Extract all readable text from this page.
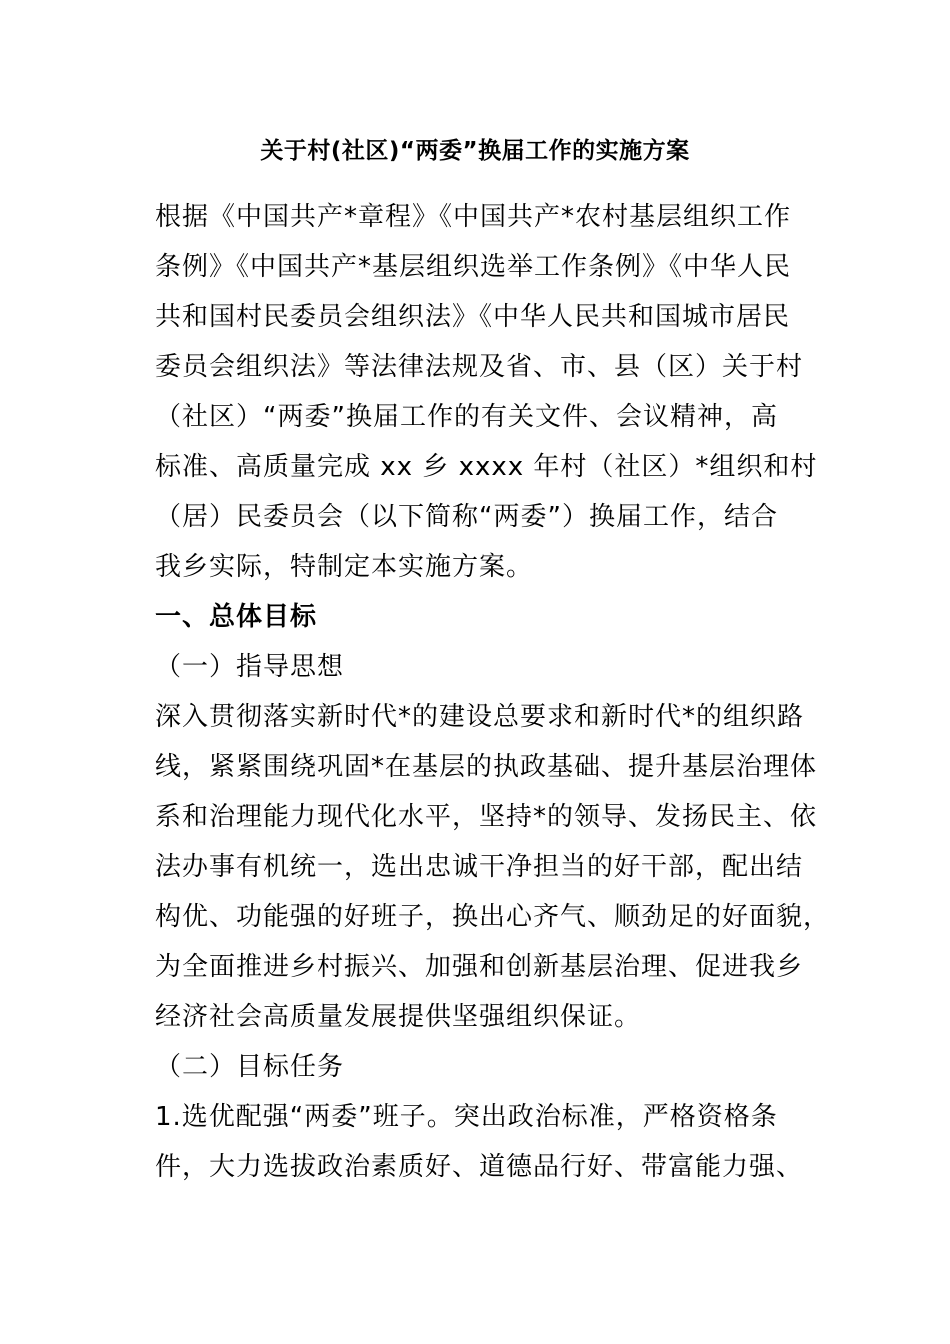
关于村(社区)“两委”换届工作的实施方案
根据《中国共产*章程》《中国共产*农村基层组织工作
条例》《中国共产*基层组织选举工作条例》《中华人民
共和国村民委员会组织法》《中华人民共和国城市居民
委员会组织法》等法律法规及省、市、县（区）关于村
（社区）“两委”换届工作的有关文件、会议精神，高
标准、高质量完成 xx 乡 xxxx 年村（社区）*组织和村
（居）民委员会（以下简称“两委”）换届工作，结合
我乡实际，特制定本实施方案。
一、总体目标
（一）指导思想
深入贯彻落实新时代*的建设总要求和新时代*的组织路
线，紧紧围绕巩固*在基层的执政基础、提升基层治理体
系和治理能力现代化水平，坚持*的领导、发扬民主、依
法办事有机统一，选出忠诚干净担当的好干部，配出结
构优、功能强的好班子，换出心齐气、顺劲足的好面貌，
为全面推进乡村振兴、加强和创新基层治理、促进我乡
经济社会高质量发展提供坚强组织保证。
（二）目标任务
1.选优配强“两委”班子。突出政治标准，严格资格条
件，大力选拔政治素质好、道德品行好、带富能力强、
